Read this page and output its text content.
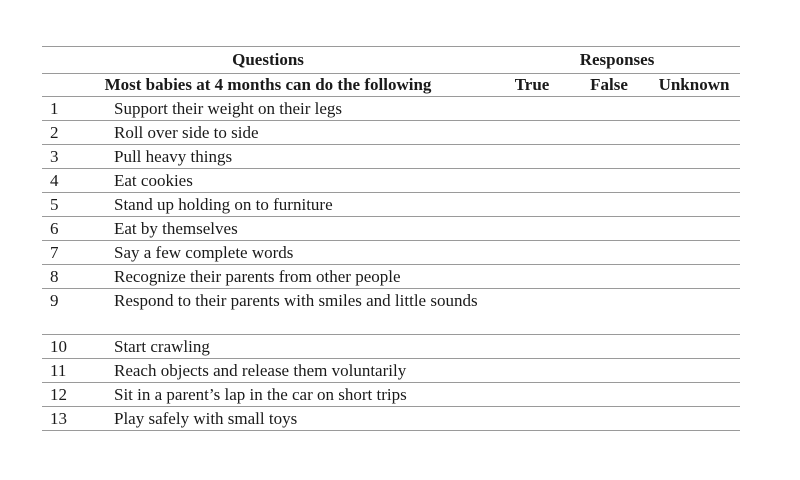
Questions		Responses		
Most babies at 4 months can do the following		True	False	Unknown
1	Support their weight on their legs			
2	Roll over side to side			
3	Pull heavy things			
4	Eat cookies			
5	Stand up holding on to furniture			
6	Eat by themselves			
7	Say a few complete words			
8	Recognize their parents from other people			
9	Respond to their parents with smiles and little sounds			
10	Start crawling			
11	Reach objects and release them voluntarily			
12	Sit in a parent’s lap in the car on short trips			
13	Play safely with small toys			
